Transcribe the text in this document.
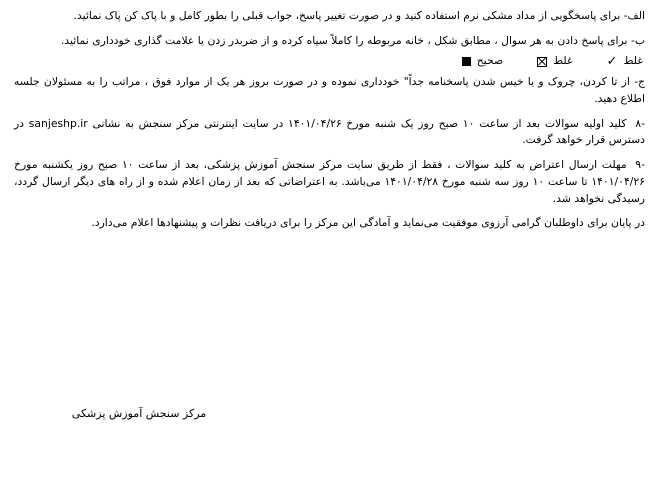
الف- برای پاسخگویی از مداد مشکی نرم استفاده کنید و در صورت تغییر پاسخ، جواب قبلی را بطور کامل و با پاک کن پاک نمائید.

ب- برای پاسخ دادن به هر سوال ، مطابق شکل ، خانه مربوطه را کاملاً سیاه کرده و از ضربدر زدن یا علامت گذاری خودداری نمائید.

غلط
✓
غلط
صحیح

ج- از تا کردن، چروک و یا خیس شدن پاسخنامه جداً" خودداری نموده و در صورت بروز هر یک از موارد فوق ، مراتب را به مسئولان جلسه اطلاع دهید.

-۸ کلید اولیه سوالات بعد از ساعت ۱۰ صبح روز یک شنبه مورخ ۱۴۰۱/۰۴/۲۶ در سایت اینترنتی مرکز سنجش به نشانی sanjeshp.ir در دسترس قرار خواهد گرفت.

-۹ مهلت ارسال اعتراض به کلید سوالات ، فقط از طریق سایت مرکز سنجش آموزش پزشکی، بعد از ساعت ۱۰ صبح روز یکشنبه مورخ ۱۴۰۱/۰۴/۲۶ تا ساعت ۱۰ روز سه شنبه مورخ ۱۴۰۱/۰۴/۲۸ می‌باشد. به اعتراضاتی که بعد از زمان اعلام شده و از راه های دیگر ارسال گردد، رسیدگی نخواهد شد.

در پایان برای داوطلبان گرامی آرزوی موفقیت می‌نماید و آمادگی این مرکز را برای دریافت نظرات و پیشنهادها اعلام می‌دارد.

مرکز سنجش آموزش پزشکی
